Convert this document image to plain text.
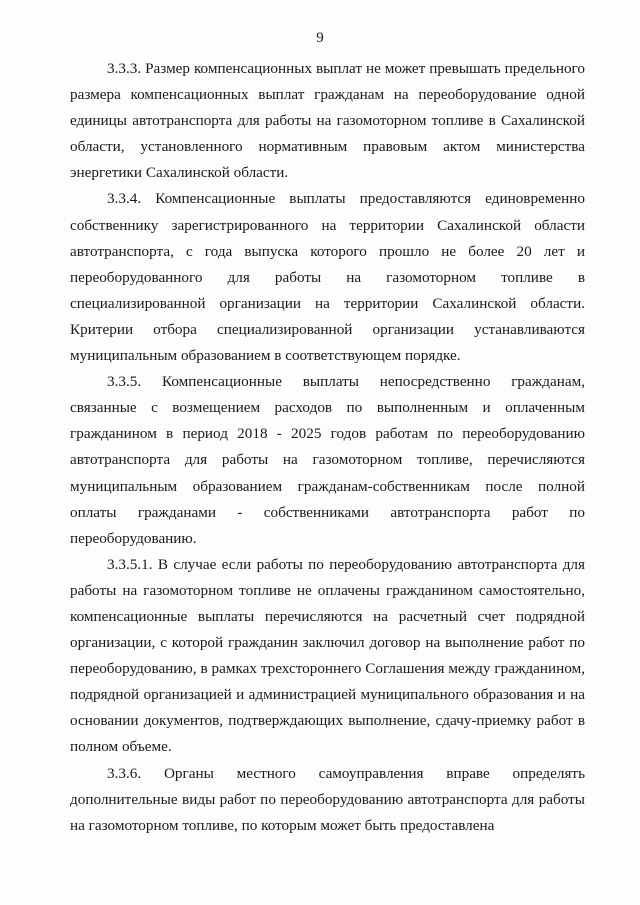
9

3.3.3. Размер компенсационных выплат не может превышать предельного размера компенсационных выплат гражданам на переоборудование одной единицы автотранспорта для работы на газомоторном топливе в Сахалинской области, установленного нормативным правовым актом министерства энергетики Сахалинской области.

3.3.4. Компенсационные выплаты предоставляются единовременно собственнику зарегистрированного на территории Сахалинской области автотранспорта, с года выпуска которого прошло не более 20 лет и переоборудованного для работы на газомоторном топливе в специализированной организации на территории Сахалинской области. Критерии отбора специализированной организации устанавливаются муниципальным образованием в соответствующем порядке.

3.3.5. Компенсационные выплаты непосредственно гражданам, связанные с возмещением расходов по выполненным и оплаченным гражданином в период 2018 - 2025 годов работам по переоборудованию автотранспорта для работы на газомоторном топливе, перечисляются муниципальным образованием гражданам-собственникам после полной оплаты гражданами - собственниками автотранспорта работ по переоборудованию.

3.3.5.1. В случае если работы по переоборудованию автотранспорта для работы на газомоторном топливе не оплачены гражданином самостоятельно, компенсационные выплаты перечисляются на расчетный счет подрядной организации, с которой гражданин заключил договор на выполнение работ по переоборудованию, в рамках трехстороннего Соглашения между гражданином, подрядной организацией и администрацией муниципального образования и на основании документов, подтверждающих выполнение, сдачу-приемку работ в полном объеме.

3.3.6. Органы местного самоуправления вправе определять дополнительные виды работ по переоборудованию автотранспорта для работы на газомоторном топливе, по которым может быть предоставлена
